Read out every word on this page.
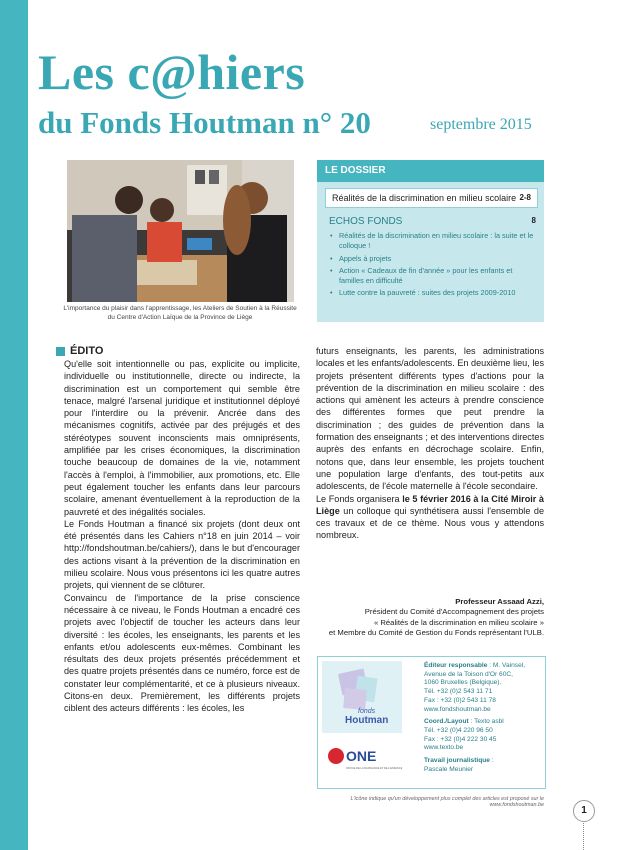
Les c@hiers
du Fonds Houtman n° 20	septembre 2015
L'importance du plaisir dans l'apprentissage, les Ateliers de Soutien à la Réussite du Centre d'Action Laïque de la Province de Liège
LE DOSSIER
Réalités de la discrimination en milieu scolaire 2-8
ECHOS FONDS	8
• Réalités de la discrimination en milieu scolaire : la suite et le colloque !
• Appels à projets
• Action « Cadeaux de fin d'année » pour les enfants et familles en difficulté
• Lutte contre la pauvreté : suites des projets 2009-2010
ÉDITO

Qu'elle soit intentionnelle ou pas, explicite ou implicite, individuelle ou institutionnelle, directe ou indirecte, la discrimination est un comportement qui semble être tenace, malgré l'arsenal juridique et institutionnel déployé pour l'interdire ou la prévenir. Ancrée dans des mécanismes cognitifs, activée par des préjugés et des stéréotypes souvent inconscients mais omniprésents, amplifiée par les crises économiques, la discrimination touche beaucoup de domaines de la vie, notamment l'accès à l'emploi, à l'immobilier, aux promotions, etc. Elle peut également toucher les enfants dans leur parcours scolaire, amenant éventuellement à la reproduction de la pauvreté et des inégalités sociales.

Le Fonds Houtman a financé six projets (dont deux ont été présentés dans les Cahiers n°18 en juin 2014 – voir http://fondshoutman.be/cahiers/), dans le but d'encourager des actions visant à la prévention de la discrimination en milieu scolaire. Nous vous présentons ici les quatre autres projets, qui viennent de se clôturer.

Convaincu de l'importance de la prise conscience nécessaire à ce niveau, le Fonds Houtman a encadré ces projets avec l'objectif de toucher les acteurs dans leur diversité : les écoles, les enseignants, les parents et les enfants et/ou adolescents eux-mêmes. Combinant les résultats des deux projets présentés précédemment et des quatre projets présentés dans ce numéro, force est de constater leur complémentarité, et ce à plusieurs niveaux. Citons-en deux. Premièrement, les différents projets ciblent des acteurs différents : les écoles, les

futurs enseignants, les parents, les administrations locales et les enfants/adolescents. En deuxième lieu, les projets présentent différents types d'actions pour la prévention de la discrimination en milieu scolaire : des actions qui amènent les acteurs à prendre conscience des différentes formes que peut prendre la discrimination ; des guides de prévention dans la formation des enseignants ; et des interventions directes auprès des enfants en décrochage scolaire. Enfin, notons que, dans leur ensemble, les projets touchent une population large d'enfants, des tout-petits aux adolescents, de l'école maternelle à l'école secondaire.

Le Fonds organisera le 5 février 2016 à la Cité Miroir à Liège un colloque qui synthétisera aussi l'ensemble de ces travaux et de ce thème. Nous vous y attendons nombreux.

Professeur Assaad Azzi,
Président du Comité d'Accompagnement des projets
« Réalités de la discrimination en milieu scolaire »
et Membre du Comité de Gestion du Fonds représentant l'ULB.
fonds
Houtman
ONE
OFFICE DE LA NAISSANCE ET DE L'ENFANCE
Éditeur responsable : M. Vainsel,
Avenue de la Toison d'Or 60C,
1060 Bruxelles (Belgique).
Tél. +32 (0)2 543 11 71
Fax : +32 (0)2 543 11 78
www.fondshoutman.be
Coord./Layout : Texto asbl
Tél. +32 (0)4 220 96 50
Fax : +32 (0)4 222 30 45
www.texto.be
Travail journalistique :
Pascale Meunier
L'icône indique qu'un développement plus complet des articles est proposé sur le www.fondshoutman.be	1
